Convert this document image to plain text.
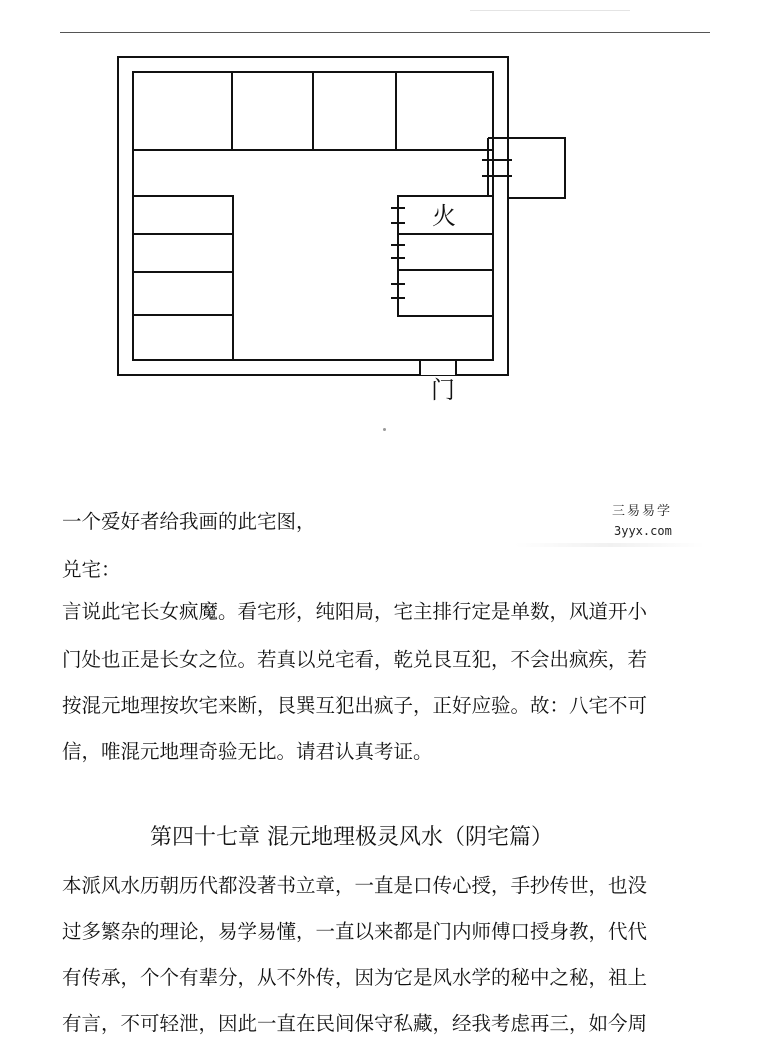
火
门
三易易学
3yyx.com
一个爱好者给我画的此宅图，
兑宅：
言说此宅长女疯魔。看宅形，纯阳局，宅主排行定是单数，风道开小
门处也正是长女之位。若真以兑宅看，乾兑艮互犯，不会出疯疾，若
按混元地理按坎宅来断，艮巽互犯出疯子，正好应验。故：八宅不可
信，唯混元地理奇验无比。请君认真考证。
第四十七章 混元地理极灵风水（阴宅篇）
本派风水历朝历代都没著书立章，一直是口传心授，手抄传世，也没
过多繁杂的理论，易学易懂，一直以来都是门内师傅口授身教，代代
有传承，个个有辈分，从不外传，因为它是风水学的秘中之秘，祖上
有言，不可轻泄，因此一直在民间保守私藏，经我考虑再三，如今周
